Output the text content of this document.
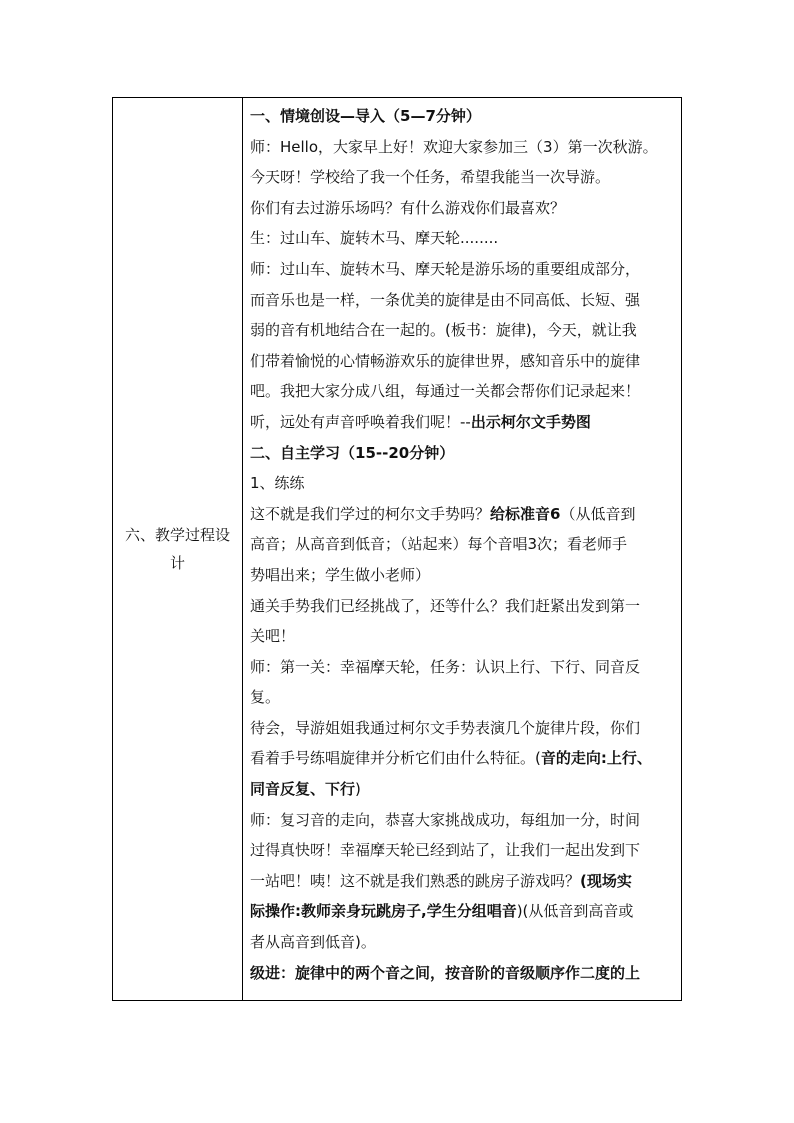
六、教学过程设
计
一、情境创设—导入（5—7分钟）
师：Hello，大家早上好！欢迎大家参加三（3）第一次秋游。
今天呀！学校给了我一个任务，希望我能当一次导游。
你们有去过游乐场吗？有什么游戏你们最喜欢？
生：过山车、旋转木马、摩天轮........
师：过山车、旋转木马、摩天轮是游乐场的重要组成部分，
而音乐也是一样，一条优美的旋律是由不同高低、长短、强
弱的音有机地结合在一起的。(板书：旋律)，今天，就让我
们带着愉悦的心情畅游欢乐的旋律世界，感知音乐中的旋律
吧。我把大家分成八组，每通过一关都会帮你们记录起来！
听，远处有声音呼唤着我们呢！--出示柯尔文手势图
二、自主学习（15--20分钟）
1、练练
这不就是我们学过的柯尔文手势吗？给标准音6（从低音到
高音；从高音到低音；（站起来）每个音唱3次；看老师手
势唱出来；学生做小老师）
通关手势我们已经挑战了，还等什么？我们赶紧出发到第一
关吧！
师：第一关：幸福摩天轮，任务：认识上行、下行、同音反
复。
待会，导游姐姐我通过柯尔文手势表演几个旋律片段，你们
看着手号练唱旋律并分析它们由什么特征。(音的走向:上行、
同音反复、下行)
师：复习音的走向，恭喜大家挑战成功，每组加一分，时间
过得真快呀！幸福摩天轮已经到站了，让我们一起出发到下
一站吧！咦！这不就是我们熟悉的跳房子游戏吗？(现场实
际操作:教师亲身玩跳房子,学生分组唱音)(从低音到高音或
者从高音到低音)。
级进：旋律中的两个音之间，按音阶的音级顺序作二度的上
